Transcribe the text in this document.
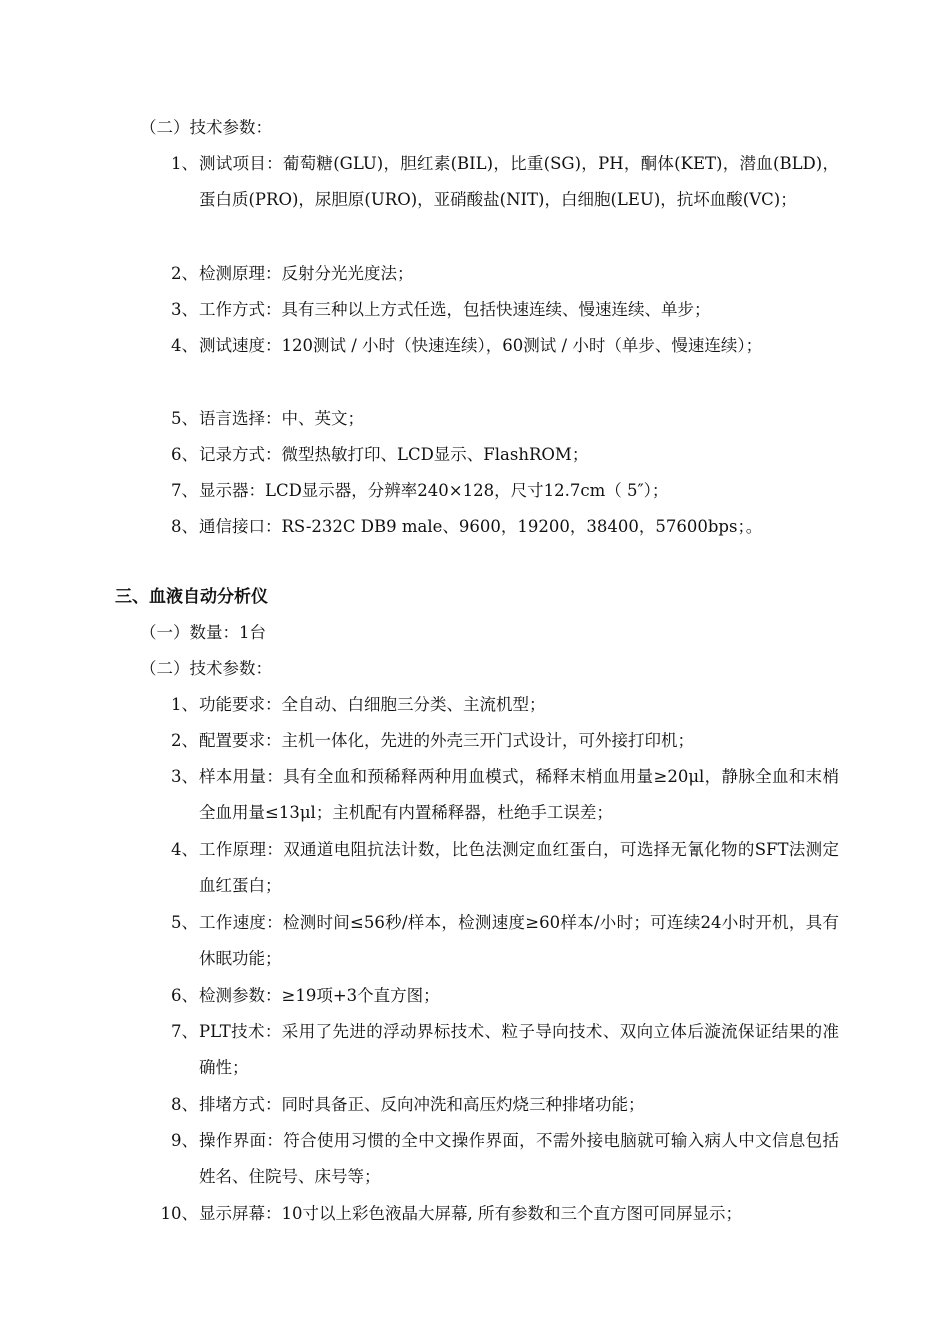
（二）技术参数：
1、 测试项目：葡萄糖(GLU)，胆红素(BIL)，比重(SG)，PH，酮体(KET)，潜血(BLD)，蛋白质(PRO)，尿胆原(URO)，亚硝酸盐(NIT)，白细胞(LEU)，抗坏血酸(VC)；
2、 检测原理：反射分光光度法；
3、 工作方式：具有三种以上方式任选，包括快速连续、慢速连续、单步；
4、 测试速度：120测试 / 小时（快速连续），60测试 / 小时（单步、慢速连续）；
5、 语言选择：中、英文；
6、 记录方式：微型热敏打印、LCD显示、FlashROM；
7、 显示器：LCD显示器，分辨率240×128，尺寸12.7cm（ 5″）；
8、 通信接口：RS-232C DB9 male、9600，19200，38400，57600bps；。
三、血液自动分析仪
（一）数量：1台
（二）技术参数：
1、 功能要求：全自动、白细胞三分类、主流机型；
2、 配置要求：主机一体化，先进的外壳三开门式设计，可外接打印机；
3、 样本用量：具有全血和预稀释两种用血模式，稀释末梢血用量≥20μl，静脉全血和末梢全血用量≤13μl；主机配有内置稀释器，杜绝手工误差；
4、 工作原理：双通道电阻抗法计数，比色法测定血红蛋白，可选择无氰化物的SFT法测定血红蛋白；
5、 工作速度：检测时间≤56秒/样本，检测速度≥60样本/小时；可连续24小时开机，具有休眠功能；
6、 检测参数：≥19项+3个直方图；
7、 PLT技术：采用了先进的浮动界标技术、粒子导向技术、双向立体后漩流保证结果的准确性；
8、 排堵方式：同时具备正、反向冲洗和高压灼烧三种排堵功能；
9、 操作界面：符合使用习惯的全中文操作界面，不需外接电脑就可输入病人中文信息包括姓名、住院号、床号等；
10、 显示屏幕：10寸以上彩色液晶大屏幕, 所有参数和三个直方图可同屏显示；
